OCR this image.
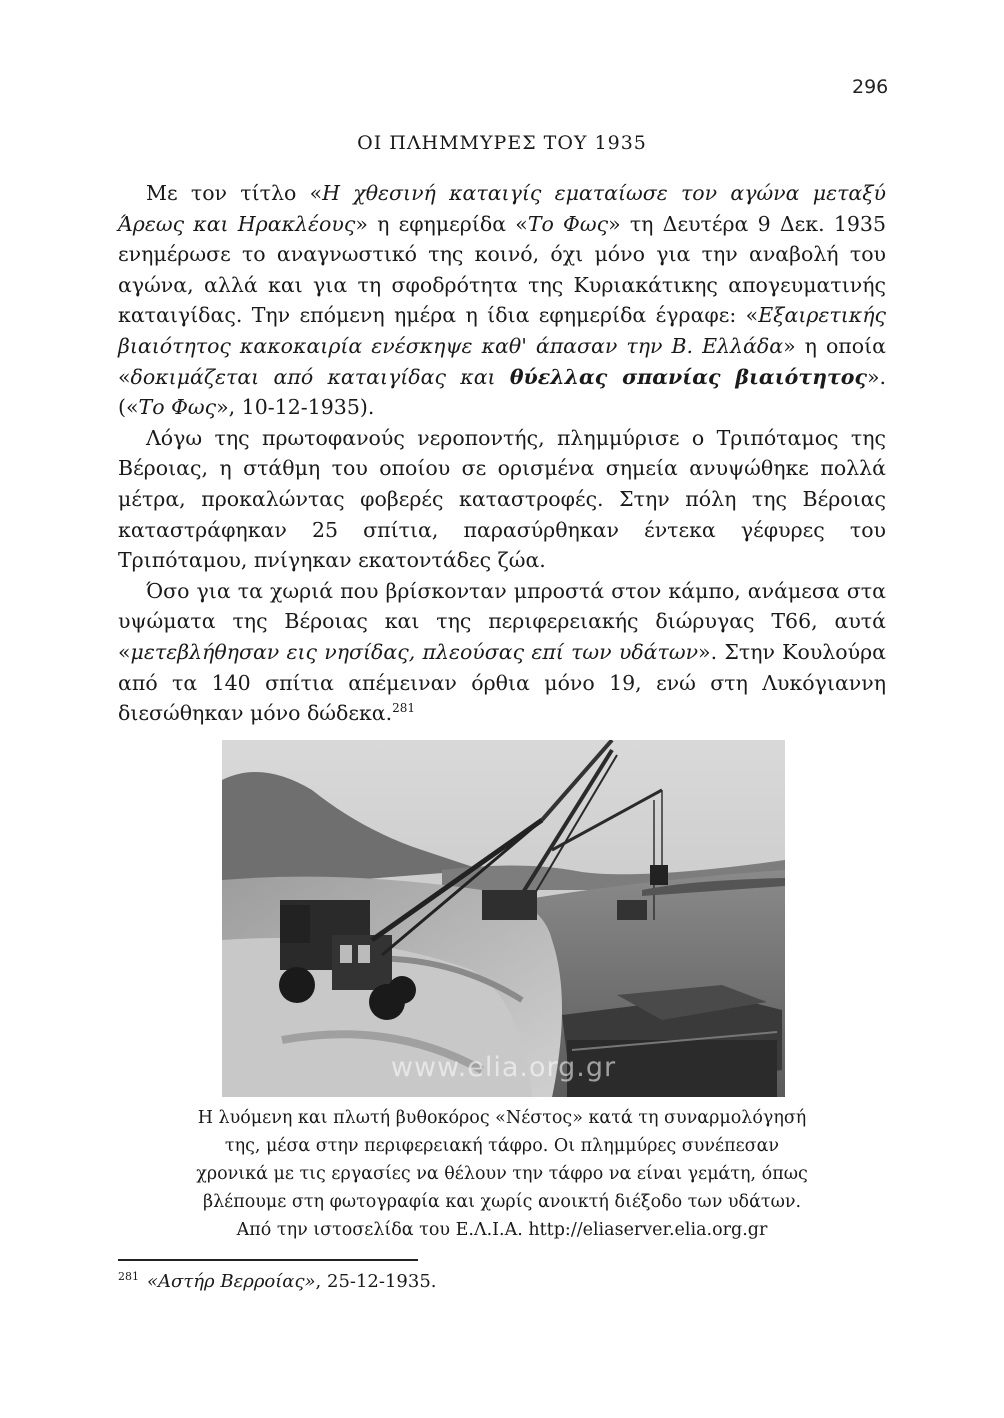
296
ΟΙ ΠΛΗΜΜΥΡΕΣ ΤΟΥ 1935

Με τον τίτλο «Η χθεσινή καταιγίς εματαίωσε τον αγώνα μεταξύ Άρεως και Ηρακλέους» η εφημερίδα «Το Φως» τη Δευτέρα 9 Δεκ. 1935 ενημέρωσε το αναγνωστικό της κοινό, όχι μόνο για την αναβολή του αγώνα, αλλά και για τη σφοδρότητα της Κυριακάτικης απογευματινής καταιγίδας. Την επόμενη ημέρα η ίδια εφημερίδα έγραφε: «Εξαιρετικής βιαιότητος κακοκαιρία ενέσκηψε καθ' άπασαν την Β. Ελλάδα» η οποία «δοκιμάζεται από καταιγίδας και θύελλας σπανίας βιαιότητος». («Το Φως», 10-12-1935).

Λόγω της πρωτοφανούς νεροποντής, πλημμύρισε ο Τριπόταμος της Βέροιας, η στάθμη του οποίου σε ορισμένα σημεία ανυψώθηκε πολλά μέτρα, προκαλώντας φοβερές καταστροφές. Στην πόλη της Βέροιας καταστράφηκαν 25 σπίτια, παρασύρθηκαν έντεκα γέφυρες του Τριπόταμου, πνίγηκαν εκατοντάδες ζώα.

Όσο για τα χωριά που βρίσκονταν μπροστά στον κάμπο, ανάμεσα στα υψώματα της Βέροιας και της περιφερειακής διώρυγας Τ66, αυτά «μετεβλήθησαν εις νησίδας, πλεούσας επί των υδάτων». Στην Κουλούρα από τα 140 σπίτια απέμειναν όρθια μόνο 19, ενώ στη Λυκόγιαννη διεσώθηκαν μόνο δώδεκα.$^{281}$

www.elia.org.gr
Η λυόμενη και πλωτή βυθοκόρος «Νέστος» κατά τη συναρμολόγησή
της, μέσα στην περιφερειακή τάφρο. Οι πλημμύρες συνέπεσαν
χρονικά με τις εργασίες να θέλουν την τάφρο να είναι γεμάτη, όπως
βλέπουμε στη φωτογραφία και χωρίς ανοικτή διέξοδο των υδάτων.
Από την ιστοσελίδα του Ε.Λ.Ι.Α. http://eliaserver.elia.org.gr
$^{281}$ «Αστήρ Βερροίας», 25-12-1935.
